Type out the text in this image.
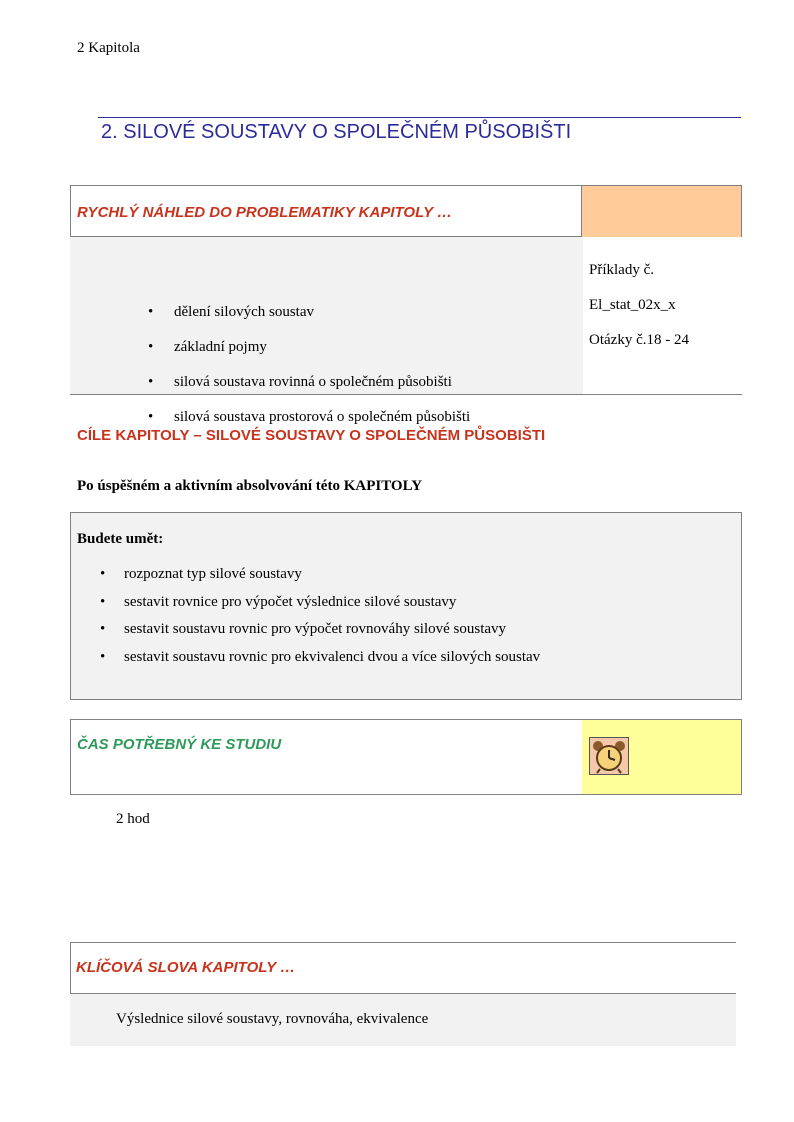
2 Kapitola
2. SILOVÉ SOUSTAVY O SPOLEČNÉM PŮSOBIŠTI
RYCHLÝ NÁHLED DO PROBLEMATIKY KAPITOLY …
• dělení silových soustav
• základní pojmy
• silová soustava rovinná o společném působišti
• silová soustava prostorová o společném působišti
Příklady č.
El_stat_02x_x
Otázky č.18 - 24
CÍLE KAPITOLY – SILOVÉ SOUSTAVY O SPOLEČNÉM PŮSOBIŠTI
Po úspěšném a aktivním absolvování této KAPITOLY
Budete umět:
• rozpoznat typ silové soustavy
• sestavit rovnice pro výpočet výslednice silové soustavy
• sestavit soustavu rovnic pro výpočet rovnováhy silové soustavy
• sestavit soustavu rovnic pro ekvivalenci dvou a více silových soustav
ČAS POTŘEBNÝ KE STUDIU
2 hod
KLÍČOVÁ SLOVA KAPITOLY …
Výslednice silové soustavy, rovnováha, ekvivalence
